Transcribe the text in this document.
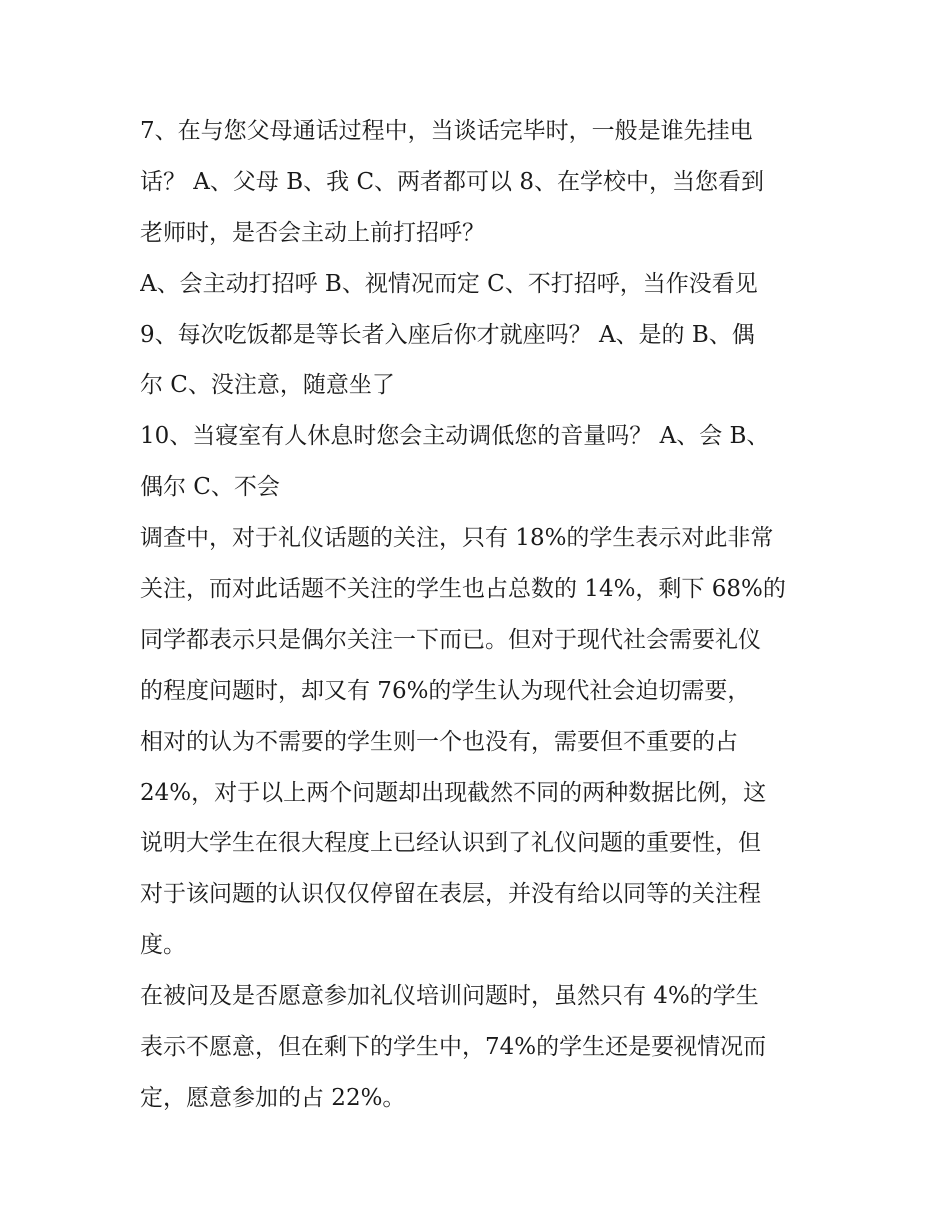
7、在与您父母通话过程中，当谈话完毕时，一般是谁先挂电
话？ A、父母 B、我 C、两者都可以 8、在学校中，当您看到
老师时，是否会主动上前打招呼？
A、会主动打招呼 B、视情况而定 C、不打招呼，当作没看见
9、每次吃饭都是等长者入座后你才就座吗？ A、是的 B、偶
尔 C、没注意，随意坐了
10、当寝室有人休息时您会主动调低您的音量吗？ A、会 B、
偶尔 C、不会
调查中，对于礼仪话题的关注，只有 18%的学生表示对此非常
关注，而对此话题不关注的学生也占总数的 14%，剩下 68%的
同学都表示只是偶尔关注一下而已。但对于现代社会需要礼仪
的程度问题时，却又有 76%的学生认为现代社会迫切需要，
相对的认为不需要的学生则一个也没有，需要但不重要的占
24%，对于以上两个问题却出现截然不同的两种数据比例，这
说明大学生在很大程度上已经认识到了礼仪问题的重要性，但
对于该问题的认识仅仅停留在表层，并没有给以同等的关注程
度。
在被问及是否愿意参加礼仪培训问题时，虽然只有 4%的学生
表示不愿意，但在剩下的学生中，74%的学生还是要视情况而
定，愿意参加的占 22%。
